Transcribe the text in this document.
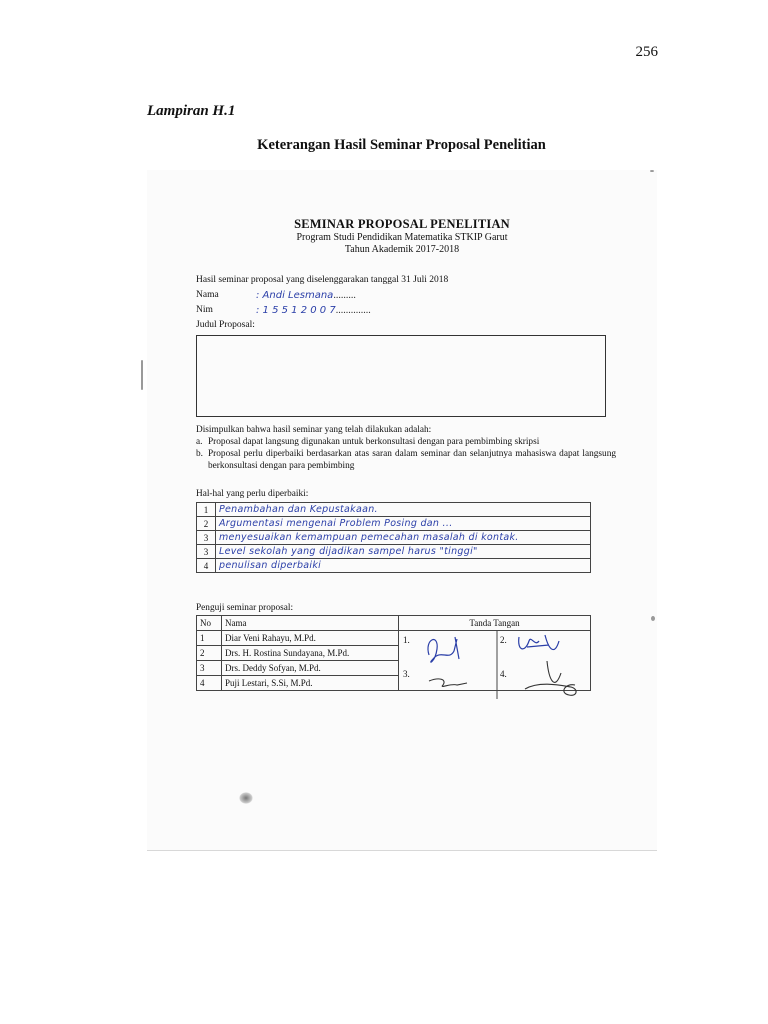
256
Lampiran H.1
Keterangan Hasil Seminar Proposal Penelitian
SEMINAR PROPOSAL PENELITIAN
Program Studi Pendidikan Matematika STKIP Garut
Tahun Akademik 2017-2018
Hasil seminar proposal yang diselenggarakan tanggal 31 Juli 2018
Nama	: Andi Lesmana.........
Nim	: 1 5 5 1 2 0 0 7..............
Judul Proposal:
Disimpulkan bahwa hasil seminar yang telah dilakukan adalah:
a. Proposal dapat langsung digunakan untuk berkonsultasi dengan para pembimbing skripsi
b. Proposal perlu diperbaiki berdasarkan atas saran dalam seminar dan selanjutnya mahasiswa dapat langsung berkonsultasi dengan para pembimbing
Hal-hal yang perlu diperbaiki:
1	Penambahan dan Kepustakaan.
2	Argumentasi mengenai Problem Posing dan ...
3	menyesuaikan kemampuan pemecahan masalah di kontak.
3	Level sekolah yang dijadikan sampel harus "tinggi"
4	penulisan diperbaiki
Penguji seminar proposal:
No	Nama	Tanda Tangan
1	Diar Veni Rahayu, M.Pd.	1. 2.
3. 4.

2	Drs. H. Rostina Sundayana, M.Pd.	
3	Drs. Deddy Sofyan, M.Pd.	
4	Puji Lestari, S.Si, M.Pd.	
